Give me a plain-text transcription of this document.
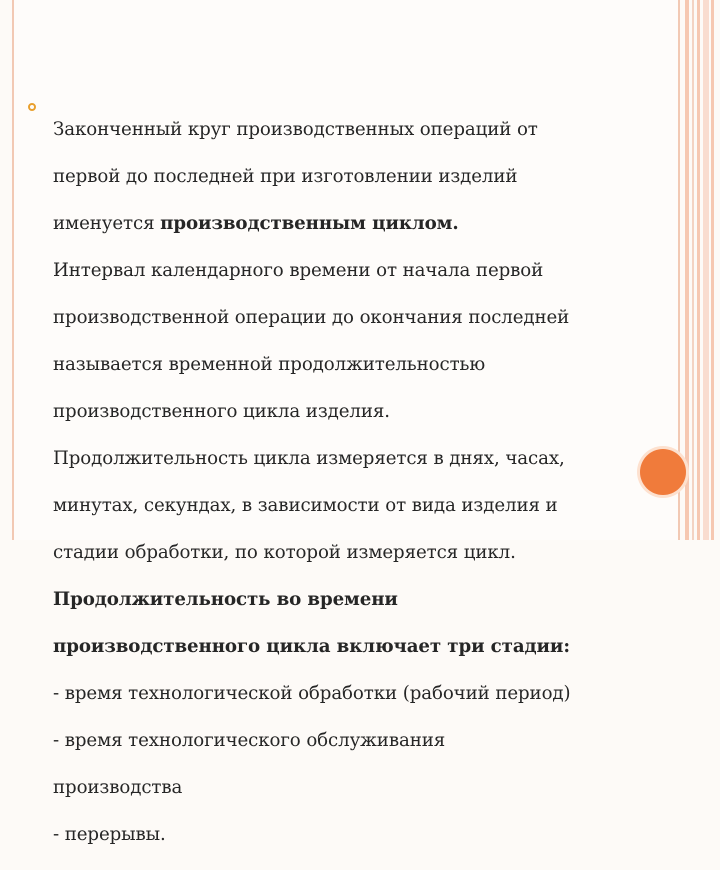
Законченный круг производственных операций от

первой до последней при изготовлении изделий

именуется производственным циклом.

Интервал календарного времени от начала первой

производственной операции до окончания последней

называется временной продолжительностью

производственного цикла изделия.

Продолжительность цикла измеряется в днях, часах,

минутах, секундах, в зависимости от вида изделия и

стадии обработки, по которой измеряется цикл.

Продолжительность во времени

производственного цикла включает три стадии:

- время технологической обработки (рабочий период)

- время технологического обслуживания

производства

- перерывы.
